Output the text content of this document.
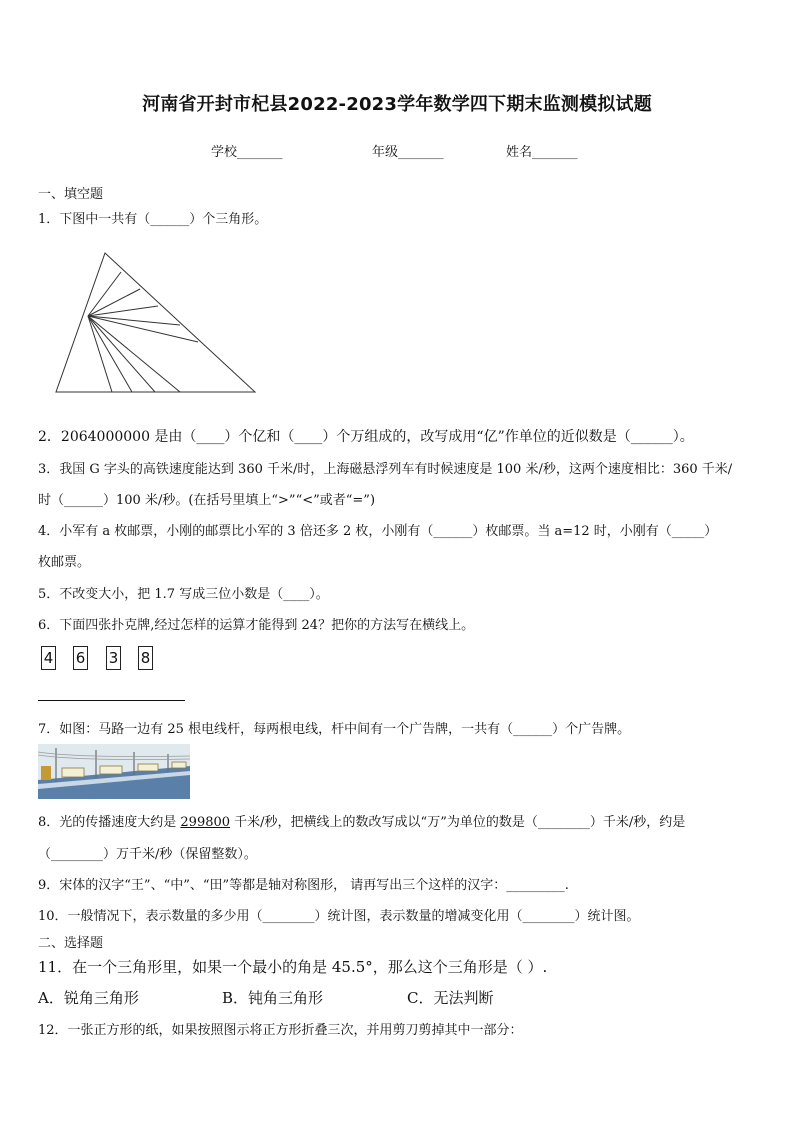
河南省开封市杞县2022-2023学年数学四下期末监测模拟试题
学校_______	年级_______	姓名_______
一、填空题
1．下图中一共有（______）个三角形。
2．2064000000 是由（____）个亿和（____）个万组成的，改写成用“亿”作单位的近似数是（______）。
3．我国 G 字头的高铁速度能达到 360 千米/时，上海磁悬浮列车有时候速度是 100 米/秒，这两个速度相比：360 千米/
时（______）100 米/秒。(在括号里填上“>”“<”或者“=”)
4．小军有 a 枚邮票，小刚的邮票比小军的 3 倍还多 2 枚，小刚有（______）枚邮票。当 a=12 时，小刚有（_____）
枚邮票。
5．不改变大小，把 1.7 写成三位小数是（____）。
6．下面四张扑克牌,经过怎样的运算才能得到 24？把你的方法写在横线上。
4 6 3 8
7．如图：马路一边有 25 根电线杆，每两根电线，杆中间有一个广告牌，一共有（______）个广告牌。
8．光的传播速度大约是 299800 千米/秒，把横线上的数改写成以“万”为单位的数是（________）千米/秒，约是
（________）万千米/秒（保留整数）。
9．宋体的汉字“王”、“中”、“田”等都是轴对称图形， 请再写出三个这样的汉字：_________.
10．一般情况下，表示数量的多少用（________）统计图，表示数量的增减变化用（________）统计图。
二、选择题
11．在一个三角形里，如果一个最小的角是 45.5°，那么这个三角形是（ ）.
A．锐角三角形	B．钝角三角形	C．无法判断
12．一张正方形的纸，如果按照图示将正方形折叠三次，并用剪刀剪掉其中一部分：
